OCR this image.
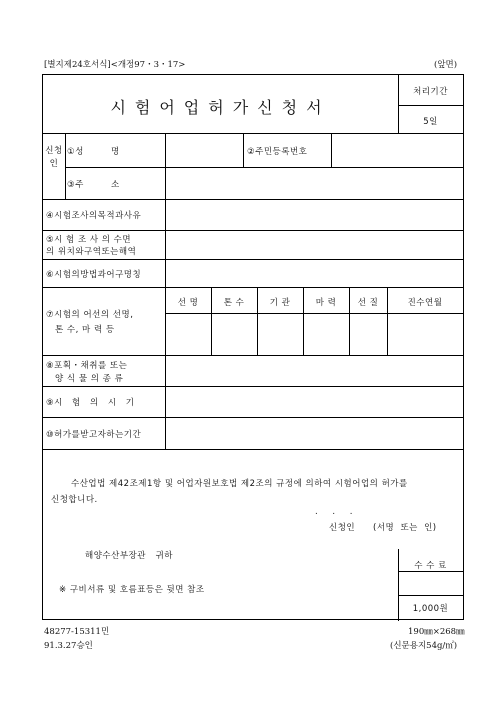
[별지제24호서식]<개정97・3・17>	(앞면)
시험어업허가신청서
처리기간
5일
신청인
①성 명	②주민등록번호
③주 소
④시험조사의목적과사유
⑤시 험 조 사 의 수면
의 위치와구역또는해역
⑥시험의방법과어구명칭
⑦시험의 어선의 선명,
톤 수, 마 력 등
선 명	톤 수	기 관	마 력	선 질	진수연월
⑧포획・채취를 또는
양 식 물 의 종 류
⑨시 험 의 시 기
⑩허가를받고자하는기간
수산업법 제42조제1항 및 어업자원보호법 제2조의 규정에 의하여 시험어업의 허가를
신청합니다.
. . .
신청인 (서명 또는 인)
해양수산부장관   귀하
※ 구비서류 및 호름표등은 뒷면 참조
수 수 료
1,000원
48277-15311민
91.3.27승인
190㎜×268㎜
(신문용지54g/㎡)
